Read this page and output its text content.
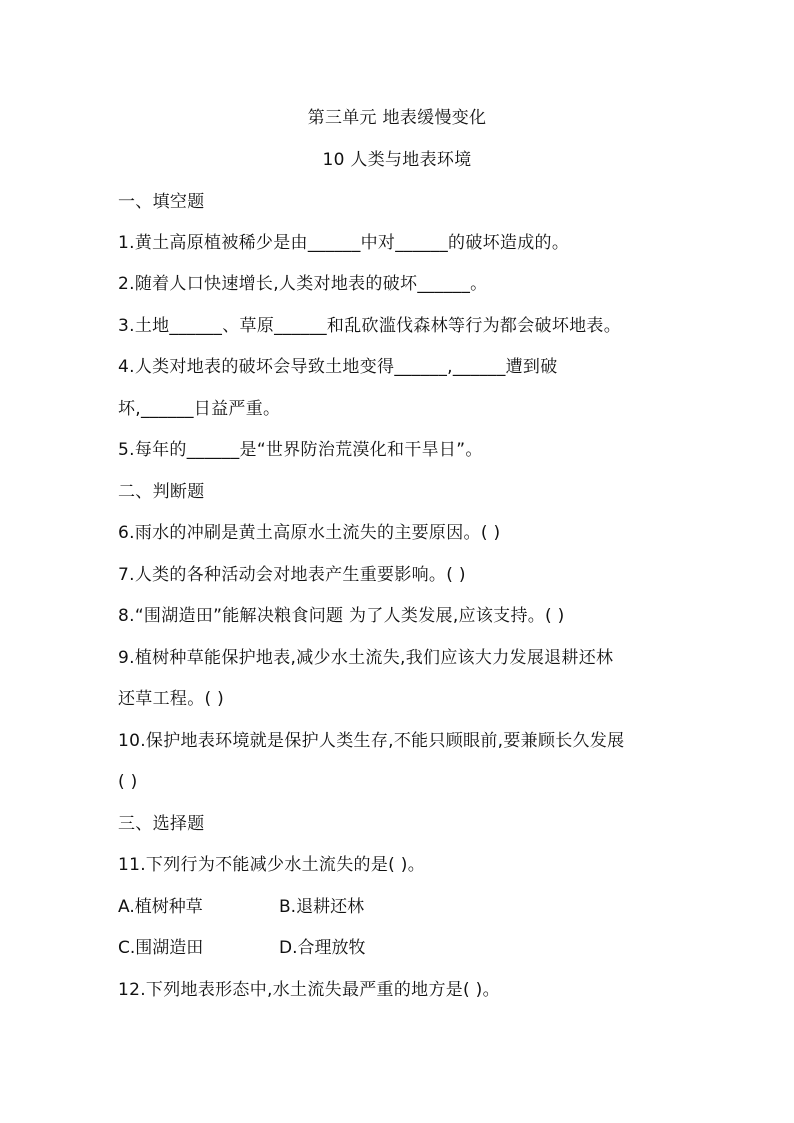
第三单元 地表缓慢变化
10 人类与地表环境
一、填空题
1.黄土高原植被稀少是由______中对______的破坏造成的。
2.随着人口快速增长,人类对地表的破坏______。
3.土地______、草原______和乱砍滥伐森林等行为都会破坏地表。
4.人类对地表的破坏会导致土地变得______,______遭到破
坏,______日益严重。
5.每年的______是“世界防治荒漠化和干旱日”。
二、判断题
6.雨水的冲刷是黄土高原水土流失的主要原因。( )
7.人类的各种活动会对地表产生重要影响。( )
8.“围湖造田”能解决粮食问题 为了人类发展,应该支持。( )
9.植树种草能保护地表,减少水土流失,我们应该大力发展退耕还林
还草工程。( )
10.保护地表环境就是保护人类生存,不能只顾眼前,要兼顾长久发展
( )
三、选择题
11.下列行为不能减少水土流失的是( )。
A.植树种草	B.退耕还林
C.围湖造田	D.合理放牧
12.下列地表形态中,水土流失最严重的地方是( )。
